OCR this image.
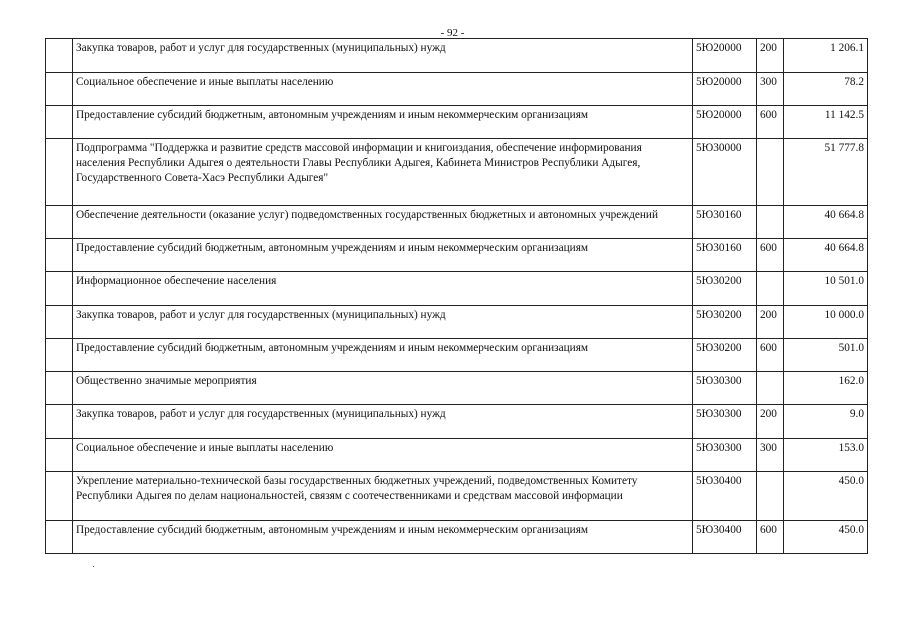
- 92 -
	Закупка товаров, работ и услуг для государственных (муниципальных) нужд	5Ю20000	200	1 206.1
	Социальное обеспечение и иные выплаты населению	5Ю20000	300	78.2
	Предоставление субсидий бюджетным, автономным учреждениям и иным некоммерческим организациям	5Ю20000	600	11 142.5
	Подпрограмма "Поддержка и развитие средств массовой информации и книгоиздания, обеспечение информирования населения Республики Адыгея о деятельности Главы Республики Адыгея, Кабинета Министров Республики Адыгея, Государственного Совета-Хасэ Республики Адыгея"	5Ю30000		51 777.8
	Обеспечение деятельности (оказание услуг) подведомственных государственных бюджетных и автономных учреждений	5Ю30160		40 664.8
	Предоставление субсидий бюджетным, автономным учреждениям и иным некоммерческим организациям	5Ю30160	600	40 664.8
	Информационное обеспечение населения	5Ю30200		10 501.0
	Закупка товаров, работ и услуг для государственных (муниципальных) нужд	5Ю30200	200	10 000.0
	Предоставление субсидий бюджетным, автономным учреждениям и иным некоммерческим организациям	5Ю30200	600	501.0
	Общественно значимые мероприятия	5Ю30300		162.0
	Закупка товаров, работ и услуг для государственных (муниципальных) нужд	5Ю30300	200	9.0
	Социальное обеспечение и иные выплаты населению	5Ю30300	300	153.0
	Укрепление материально-технической базы государственных бюджетных учреждений, подведомственных Комитету Республики Адыгея по делам национальностей, связям с соотечественниками и средствам массовой информации	5Ю30400		450.0
	Предоставление субсидий бюджетным, автономным учреждениям и иным некоммерческим организациям	5Ю30400	600	450.0
